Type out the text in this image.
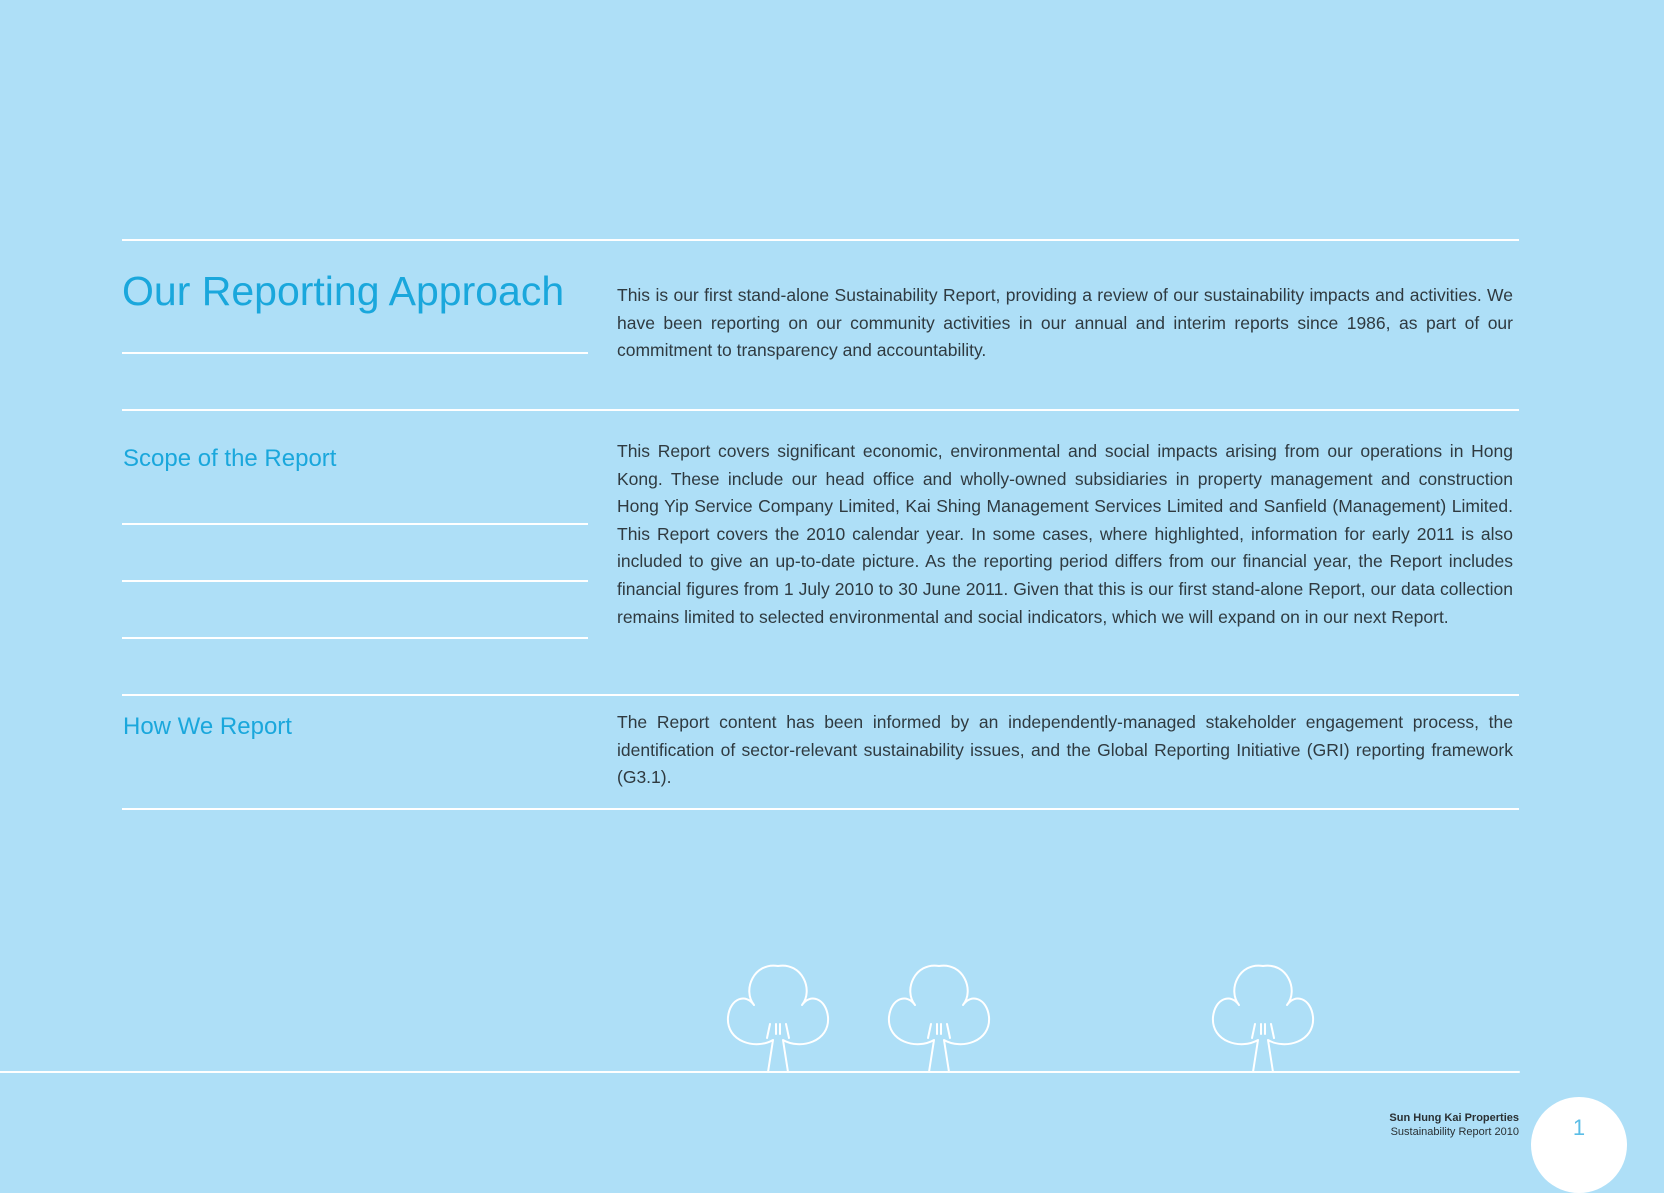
Our Reporting Approach	This is our first stand-alone Sustainability Report, providing a review of our sustainability impacts and activities. We have been reporting on our community activities in our annual and interim reports since 1986, as part of our commitment to transparency and accountability.

Scope of the Report	This Report covers significant economic, environmental and social impacts arising from our operations in Hong Kong. These include our head office and wholly-owned subsidiaries in property management and construction Hong Yip Service Company Limited, Kai Shing Management Services Limited and Sanfield (Management) Limited. This Report covers the 2010 calendar year. In some cases, where highlighted, information for early 2011 is also included to give an up-to-date picture. As the reporting period differs from our financial year, the Report includes financial figures from 1 July 2010 to 30 June 2011. Given that this is our first stand-alone Report, our data collection remains limited to selected environmental and social indicators, which we will expand on in our next Report.

How We Report	The Report content has been informed by an independently-managed stakeholder engagement process, the identification of sector-relevant sustainability issues, and the Global Reporting Initiative (GRI) reporting framework (G3.1).

Sun Hung Kai Properties
Sustainability Report 2010	1
